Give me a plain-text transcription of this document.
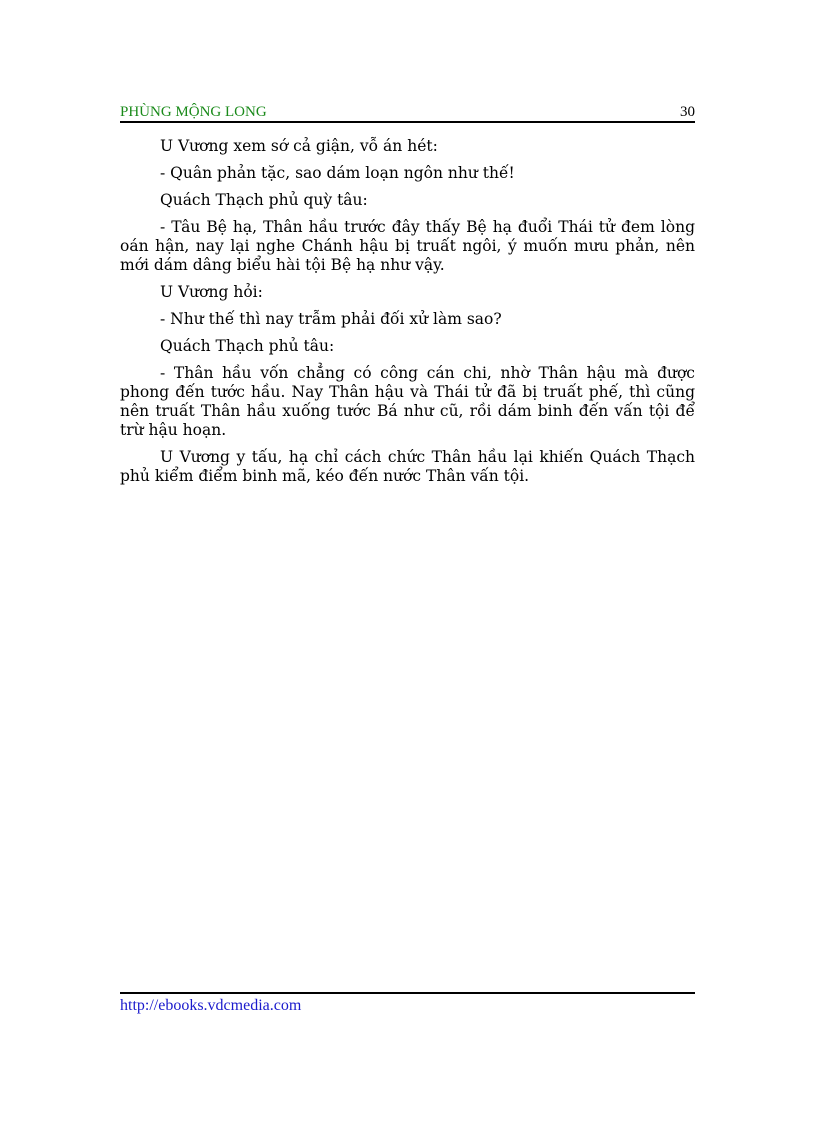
PHÙNG MỘNG LONG	30

U Vương xem sớ cả giận, vỗ án hét:

- Quân phản tặc, sao dám loạn ngôn như thế!

Quách Thạch phủ quỳ tâu:

- Tâu Bệ hạ, Thân hầu trước đây thấy Bệ hạ đuổi Thái tử đem lòng oán hận, nay lại nghe Chánh hậu bị truất ngôi, ý muốn mưu phản, nên mới dám dâng biểu hài tội Bệ hạ như vậy.

U Vương hỏi:

- Như thế thì nay trẫm phải đối xử làm sao?

Quách Thạch phủ tâu:

- Thân hầu vốn chẳng có công cán chi, nhờ Thân hậu mà được phong đến tước hầu. Nay Thân hậu và Thái tử đã bị truất phế, thì cũng nên truất Thân hầu xuống tước Bá như cũ, rồi dám binh đến vấn tội để trừ hậu hoạn.

U Vương y tấu, hạ chỉ cách chức Thân hầu lại khiến Quách Thạch phủ kiểm điểm binh mã, kéo đến nước Thân vấn tội.

http://ebooks.vdcmedia.com
